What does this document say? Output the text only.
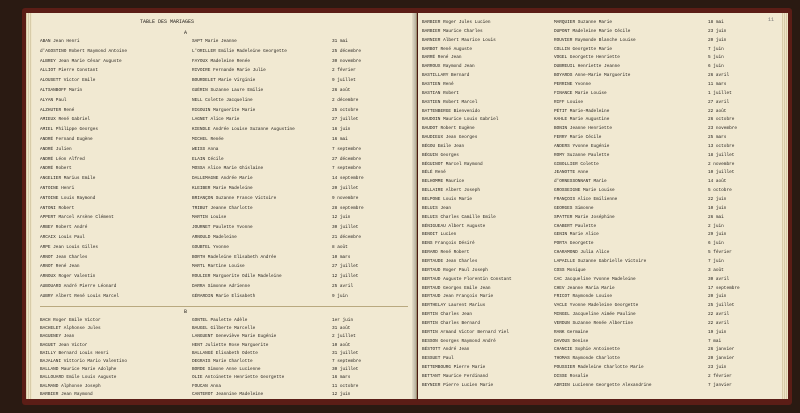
TABLE DES MARIAGES
A
ABAN Jean Henri	SAPT Marie Jeanne	31 mai
d'AGOSTINO Robert Raymond Antoine	L'ORILLER Emilie Madeleine Georgette	25 décembre
ALBREY Jean Marie César Auguste	FAYOUX Madeleine Renée	30 novembre
ALLIOT Pierre Constant	RIVOIRE Fernande Marie Julie	2 février
ALOUSETT Victor Emile	BOURDELET Marie Virginie	9 juillet
ALTSANBOFF Marin	GUÉRIN Suzanne Laure Emilie	26 août
ALYAN Paul	NELL Colette Jacqueline	2 décembre
ALZHUTER René	RIGOUIN Marguerite Marie	25 octobre
AMIEUX René Gabriel	LAGNET Alice Marie	27 juillet
AMIEL Philippe Georges	KIENDLE Andrée Louise Suzanne Augustine	16 juin
ANDRÉ Fernand Eugène	MICHEL Renée	16 mai
ANDRÉ Julien	WEISS Anna	7 septembre
ANDRÉ Léon Alfred	ELAIN Cécile	27 décembre
ANDRÉ Robert	MOSSA Alice Marie Ghislaine	7 septembre
ANGELIER Marius Emile	DALLEMAGNE Andrée Marie	14 septembre
ANTOINE Henri	KLEIBER Marie Madeleine	20 juillet
ANTOINE Louis Raymond	BRIANÇON Suzanne France Victoire	9 novembre
ANTONI Robert	TRIBUT Jeanne Charlotte	28 septembre
APPERT Marcel Arsène Clément	MARTIN Louise	12 juin
ARBEY Robert André	JOURNET Paulette Yvonne	30 juillet
ARCAIX Louis Paul	ARNOULD Madeleine	21 décembre
ARPE Jean Louis Gilles	GOUBTEL Yvonne	8 août
ARNOT Jean Charles	BORTH Madeleine Elisabeth Andrée	10 mars
ARNOT René Jean	MARTL Martine Louise	27 juillet
ARNOUX Roger Valentin	ROULIER Marguerite Odile Madeleine	12 juillet
AUBOUARD André Pierre Léonard	DARRA Simonne Adrienne	25 avril
AUBRY Albert René Louis Marcel	GÉRARDIN Marie Elisabeth	9 juin
B
BACH Roger Emile Victor	GONTEL Paulette Adèle	1er juin
BACHELET Alphonse Jules	BAUGEL Gilberte Marcelle	31 août
BAGUENEY Jean	LANGUENT Geneviève Marie Eugénie	2 juillet
BAGUET Jean Victor	HENT Juliette Rose Marguerite	10 août
BAILLY Bernard Louis Henri	BALLANGÉ Elisabeth Odette	31 juillet
BAJALANI Vittorio Mario Valentino	DEGRAIS Marie Charlotte	7 septembre
BALLAND Maurice Marie Adolphe	BORDE Simone Anne Lucienne	30 juillet
BALLOUARD Emile Louis Auguste	OLIE Antoinette Henriette Georgette	16 mars
BALMAND Alphonse Joseph	FOUCAN Anna	11 octobre
BARBIER Jean Raymond	CANTEROT Jeannine Madeleine	12 juin
11
BARBIER Roger Jules Lucien	MARQUIER Suzanne Marie	18 mai
BARBIER Maurice Charles	DUPONT Madeleine Marie Cécile	23 juin
BARNIER Albert Maurice Louis	ROUVIER Raymonde Blanche Louise	20 juin
BARBOT René Auguste	COLLIN Georgette Marie	7 juin
BARRÉ René Jean	VOGEL Georgette Henriette	5 juin
BARROUX Raymond Jean	DUBREUIL Henriette Jeanne	6 juin
BASTILLARY Bernard	BOYARDS Anne-Marie Marguerite	26 avril
BASTIEN René	PERRINE Yvonne	11 mars
BASTIAN Robert	FINANCE Marie Louise	1 juillet
BASTIEN Robert Marcel	RIFF Louise	27 avril
BATTENBERGE Bienvenido	PÉTIT Marie-Madeleine	22 août
BAUDOIN Maurice Louis Gabriel	KAHLE Marie Augustine	26 octobre
BAUDOT Robert Eugène	BONIN Jeanne Henriette	23 novembre
BAUDIEUX Jean Georges	FERRY Marie Cécile	25 mars
BÉGOU Emile Jean	ANDERS Yvonne Eugénie	13 octobre
BÉGUIN Georges	ROMY Suzanne Paulette	18 juillet
BÉGUINOT Marcel Raymond	GIBOLLIER Colette	2 novembre
BÉLÉ René	JEANOTTE Anne	10 juillet
BELHOMME Maurice	d'ORNESSONNANT Marie	14 août
BELLAIRE Albert Joseph	GROSSEIGNE Marie Louise	5 octobre
BELPONE Louis Marie	FRANÇOIS Alice Emilienne	22 juin
BELUIS Jean	GEORGES Simonne	10 juin
BELUIS Charles Camille Emile	SPATTER Marie Joséphine	26 mai
BÉNIGUEAU Albert Auguste	CHABERT Paulette	2 juin
BENOIT Lucien	GENIN Marie Alice	29 juin
BENS François Désiré	PORTA Georgette	6 juin
BERARD René Robert	CHARAMOND Julia Alice	5 février
BERTAUDE Jean Charles	LAPAILLE Suzanne Gabrielle Victoire	7 juin
BERTAUD Roger Paul Joseph	COSS Monique	3 août
BERTAUD Auguste Florentin Constant	CAC Jacqueline Yvonne Madeleine	30 avril
BERTAUD Georges Emile Jean	CHEV Jeanne Maria Marie	17 septembre
BERTAUD Jean François Marie	FRICOT Raymonde Louise	20 juin
BERTHELAY Laurent Marius	VACLE Yvonne Madeleine Georgette	25 juillet
BERTIN Charles Jean	MINGEL Jacqueline Aimée Pauline	22 avril
BERTIN Charles Bernard	VERDUN Suzanne Renée Albertine	22 avril
BERTIN Armand Victor Bernard Yiel	RANK Germaine	19 juin
BESSON Georges Raymond André	DAVOUS Denise	7 mai
BÉSTOTT André Jean	CHANCIE Sophie Antoinette	26 janvier
BESSUET Paul	THOMAS Raymonde Charlotte	20 janvier
BETTEMBOURG Pierre Marie	POUSSIER Madeleine Charlotte Marie	23 juin
BETTANT Maurice Ferdinand	DISSE Rosalie	2 février
BEYNIER Pierre Lucien Marie	ADRIEN Lucienne Georgette Alexandrine	7 janvier
